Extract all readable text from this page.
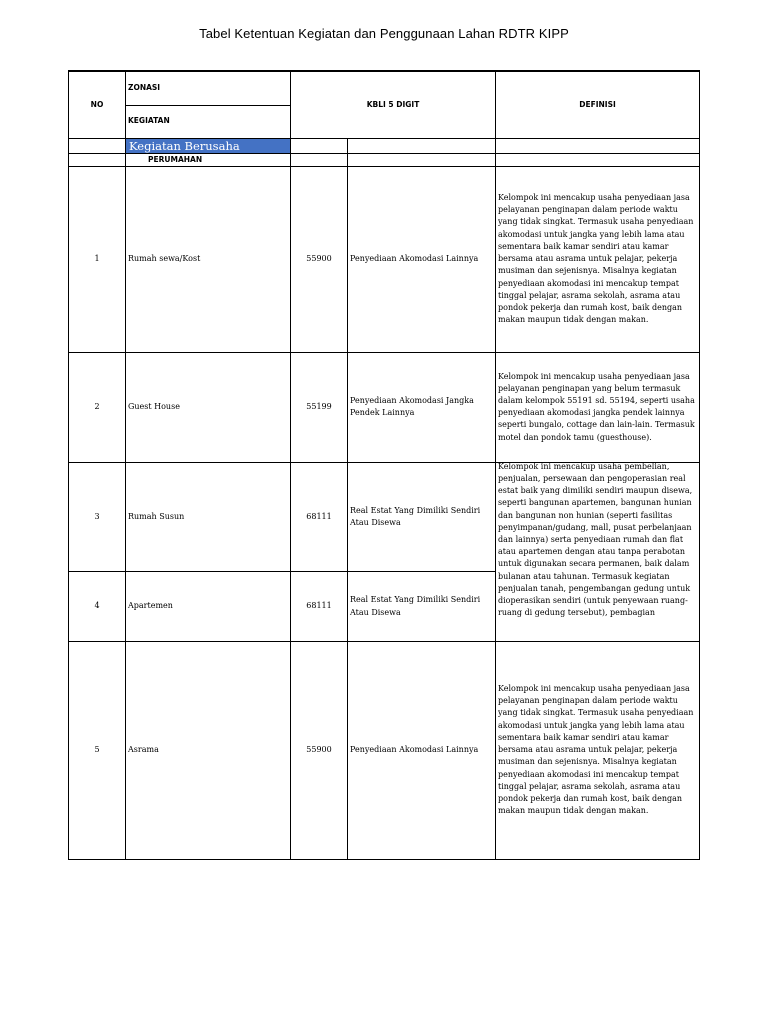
Tabel Ketentuan Kegiatan dan Penggunaan Lahan RDTR KIPP
NO	ZONASI	KBLI 5 DIGIT		DEFINISI
	KEGIATAN			
	Kegiatan Berusaha			
	PERUMAHAN			
1	Rumah sewa/Kost	55900	Penyediaan Akomodasi Lainnya	Kelompok ini mencakup usaha penyediaan jasa pelayanan penginapan dalam periode waktu yang tidak singkat. Termasuk usaha penyediaan akomodasi untuk jangka yang lebih lama atau sementara baik kamar sendiri atau kamar bersama atau asrama untuk pelajar, pekerja musiman dan sejenisnya. Misalnya kegiatan penyediaan akomodasi ini mencakup tempat tinggal pelajar, asrama sekolah, asrama atau pondok pekerja dan rumah kost, baik dengan makan maupun tidak dengan makan.
2	Guest House	55199	Penyediaan Akomodasi Jangka Pendek Lainnya	Kelompok ini mencakup usaha penyediaan jasa pelayanan penginapan yang belum termasuk dalam kelompok 55191 sd. 55194, seperti usaha penyediaan akomodasi jangka pendek lainnya seperti bungalo, cottage dan lain-lain. Termasuk motel dan pondok tamu (guesthouse).
3	Rumah Susun	68111	Real Estat Yang Dimiliki Sendiri Atau Disewa	Kelompok ini mencakup usaha pembelian, penjualan, persewaan dan pengoperasian real estat baik yang dimiliki sendiri maupun disewa, seperti bangunan apartemen, bangunan hunian dan bangunan non hunian (seperti fasilitas penyimpanan/gudang, mall, pusat perbelanjaan dan lainnya) serta penyediaan rumah dan flat atau apartemen dengan atau tanpa perabotan untuk digunakan secara permanen, baik dalam bulanan atau tahunan. Termasuk kegiatan penjualan tanah, pengembangan gedung untuk dioperasikan sendiri (untuk penyewaan ruang-ruang di gedung tersebut), pembagian

4	Apartemen	68111	Real Estat Yang Dimiliki Sendiri Atau Disewa	
5	Asrama	55900	Penyediaan Akomodasi Lainnya	Kelompok ini mencakup usaha penyediaan jasa pelayanan penginapan dalam periode waktu yang tidak singkat. Termasuk usaha penyediaan akomodasi untuk jangka yang lebih lama atau sementara baik kamar sendiri atau kamar bersama atau asrama untuk pelajar, pekerja musiman dan sejenisnya. Misalnya kegiatan penyediaan akomodasi ini mencakup tempat tinggal pelajar, asrama sekolah, asrama atau pondok pekerja dan rumah kost, baik dengan makan maupun tidak dengan makan.
